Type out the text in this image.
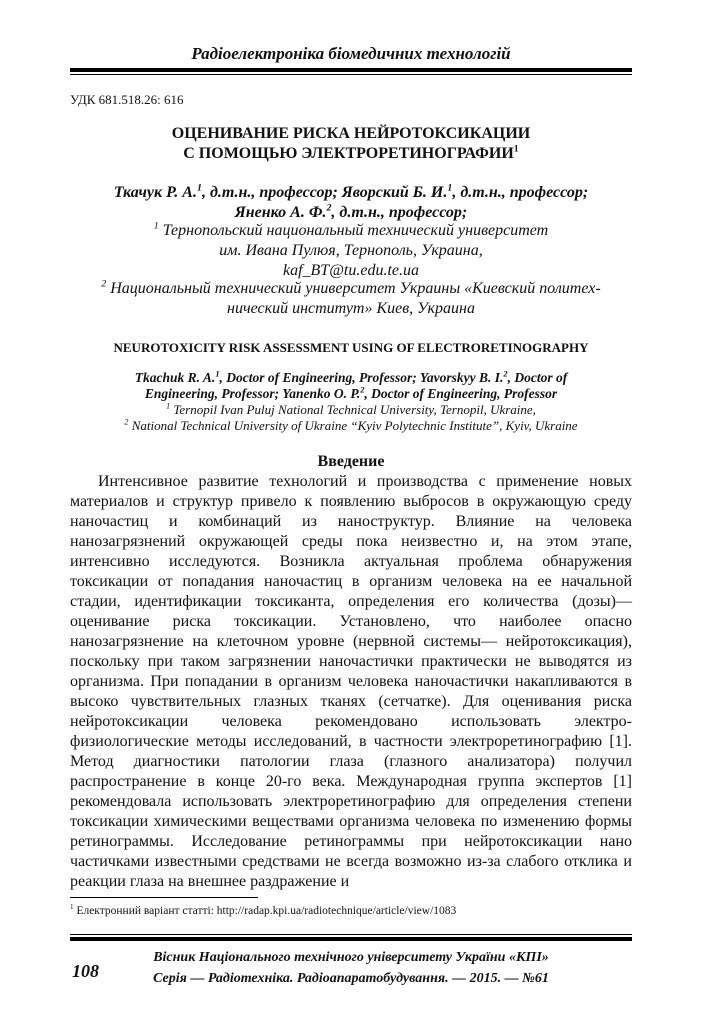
Радіоелектроніка біомедичних технологій
УДК 681.518.26: 616
ОЦЕНИВАНИЕ РИСКА НЕЙРОТОКСИКАЦИИ
С ПОМОЩЬЮ ЭЛЕКТРОРЕТИНОГРАФИИ$^1$

Ткачук Р. А.$^1$, д.т.н., профессор; Яворский Б. И.$^1$, д.т.н., профессор;
Яненко А. Ф.$^2$, д.т.н., профессор;

$^1$ Тернопольский национальный технический университет
им. Ивана Пулюя, Тернополь, Украина,
kaf_BT@tu.edu.te.ua

$^2$ Национальный технический университет Украины «Киевский политех-
нический институт» Киев, Украина

NEUROTOXICITY RISK ASSESSMENT USING OF ELECTRORETINOGRAPHY

Tkachuk R. A.$^1$, Doctor of Engineering, Professor; Yavorskyy B. I.$^2$, Doctor of
Engineering, Professor; Yanenko O. P.$^2$, Doctor of Engineering, Professor

$^1$ Ternopil Ivan Puluj National Technical University, Ternopil, Ukraine,
$^2$ National Technical University of Ukraine “Kyiv Polytechnic Institute”, Kyiv, Ukraine

Введение

Интенсивное развитие технологий и производства с применение новых материалов и структур привело к появлению выбросов в окружающую среду наночастиц и комбинаций из наноструктур. Влияние на человека нанозагрязнений окружающей среды пока неизвестно и, на этом этапе, интенсивно исследуются. Возникла актуальная проблема обнаружения токсикации от попадания наночастиц в организм человека на ее начальной стадии, идентификации токсиканта, определения его количества (дозы)— оценивание риска токсикации. Установлено, что наиболее опасно нанозагрязнение на клеточном уровне (нервной системы— нейротоксикация), поскольку при таком загрязнении наночастички практически не выводятся из организма. При попадании в организм человека наночастички накапливаются в высоко чувствительных глазных тканях (сетчатке). Для оценивания риска нейротоксикации человека рекомендовано использовать электро- физиологические методы исследований, в частности электроретинографию [1]. Метод диагностики патологии глаза (глазного анализатора) получил распространение в конце 20-го века. Международная группа экспертов [1] рекомендовала использовать электроретинографию для определения степени токсикации химическими веществами организма человека по изменению формы ретинограммы. Исследование ретинограммы при нейротоксикации нано частичками известными средствами не всегда возможно из-за слабого отклика и реакции глаза на внешнее раздражение и

$^1$ Електронний варіант статті: http://radap.kpi.ua/radiotechnique/article/view/1083

108

Вісник Національного технічного університету України «КПІ»
Серія — Радіотехніка. Радіоапаратобудування. — 2015. — №61
